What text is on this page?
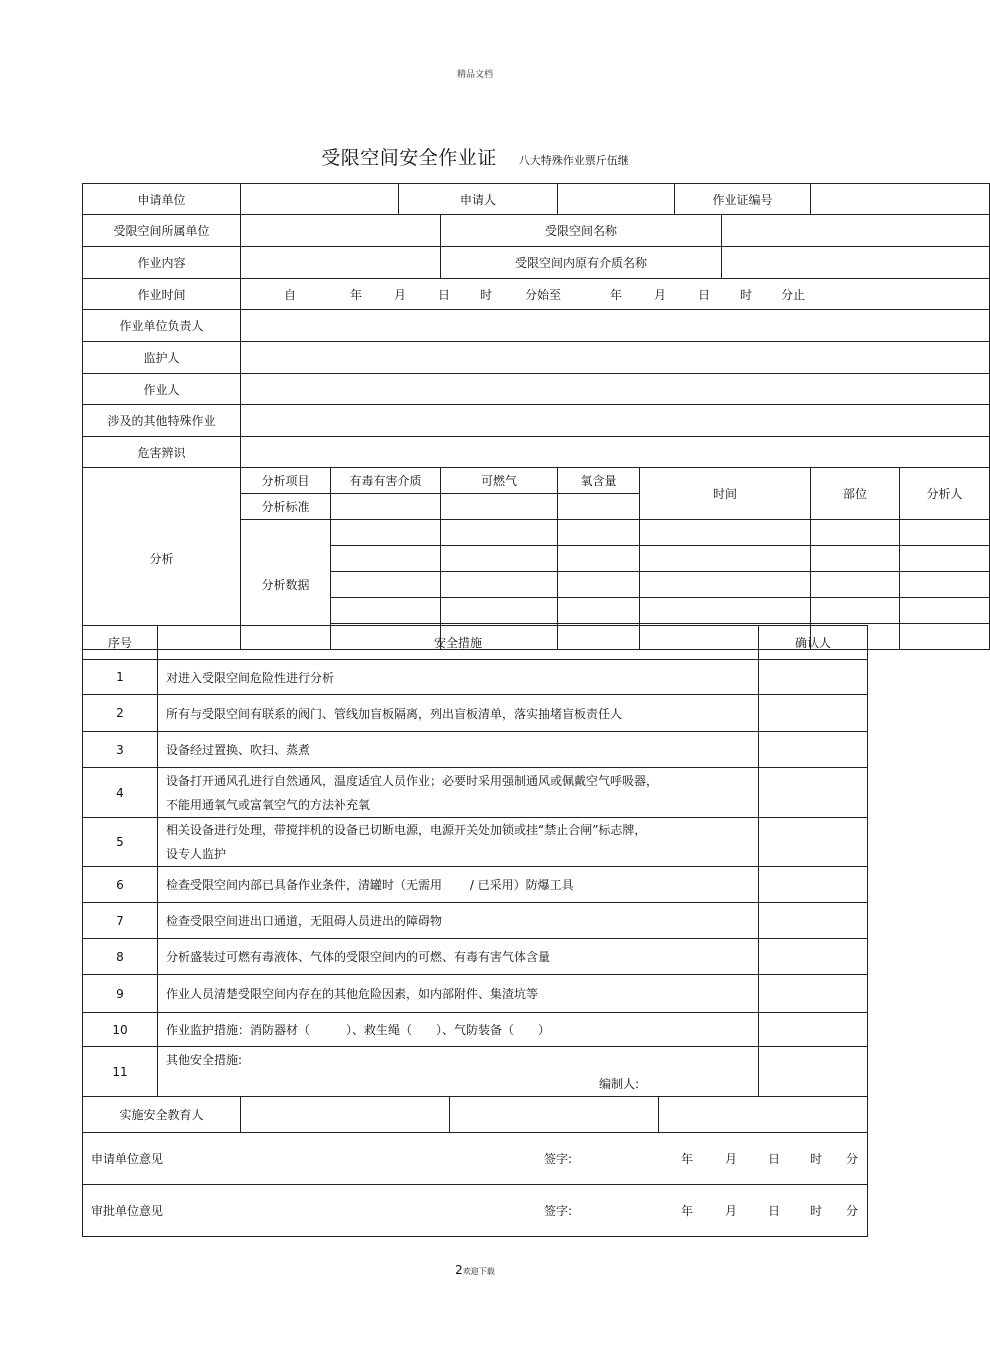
精品文档
受限空间安全作业证 八大特殊作业票斤伍继
申请单位			申请人				作业证编号			
受限空间所属单位				受限空间名称						
作业内容				受限空间内原有介质名称						
作业时间	自 年 月 日 时 分始至 年 月 日 时 分止									
作业单位负责人										
监护人										
作业人										
涉及的其他特殊作业										
危害辨识										
分析	分析项目	有毒有害介质		可燃气	氧含量	时间			部位	分析人
	分析标准									
	分析数据									

序号	安全措施	确认人
1	对进入受限空间危险性进行分析	
2	所有与受限空间有联系的阀门、管线加盲板隔离，列出盲板清单，落实抽堵盲板责任人	
3	设备经过置换、吹扫、蒸煮	
4	设备打开通风孔进行自然通风，温度适宜人员作业；必要时采用强制通风或佩戴空气呼吸器，
不能用通氧气或富氧空气的方法补充氧	

5	相关设备进行处理，带搅拌机的设备已切断电源，电源开关处加锁或挂“禁止合闸”标志牌，
设专人监护	

6	检查受限空间内部已具备作业条件，清罐时（无需用　　 / 已采用）防爆工具	
7	检查受限空间进出口通道，无阻碍人员进出的障碍物	
8	分析盛装过可燃有毒液体、气体的受限空间内的可燃、有毒有害气体含量	
9	作业人员清楚受限空间内存在的其他危险因素，如内部附件、集渣坑等	
10	作业监护措施：消防器材（　　　）、救生绳（　　）、气防装备（　　）	
11	其他安全措施:
编制人:	

实施安全教育人			
申请单位意见	签字:	年	月	日 时 分

审批单位意见	签字:	年	月	日 时 分
2欢迎下载
